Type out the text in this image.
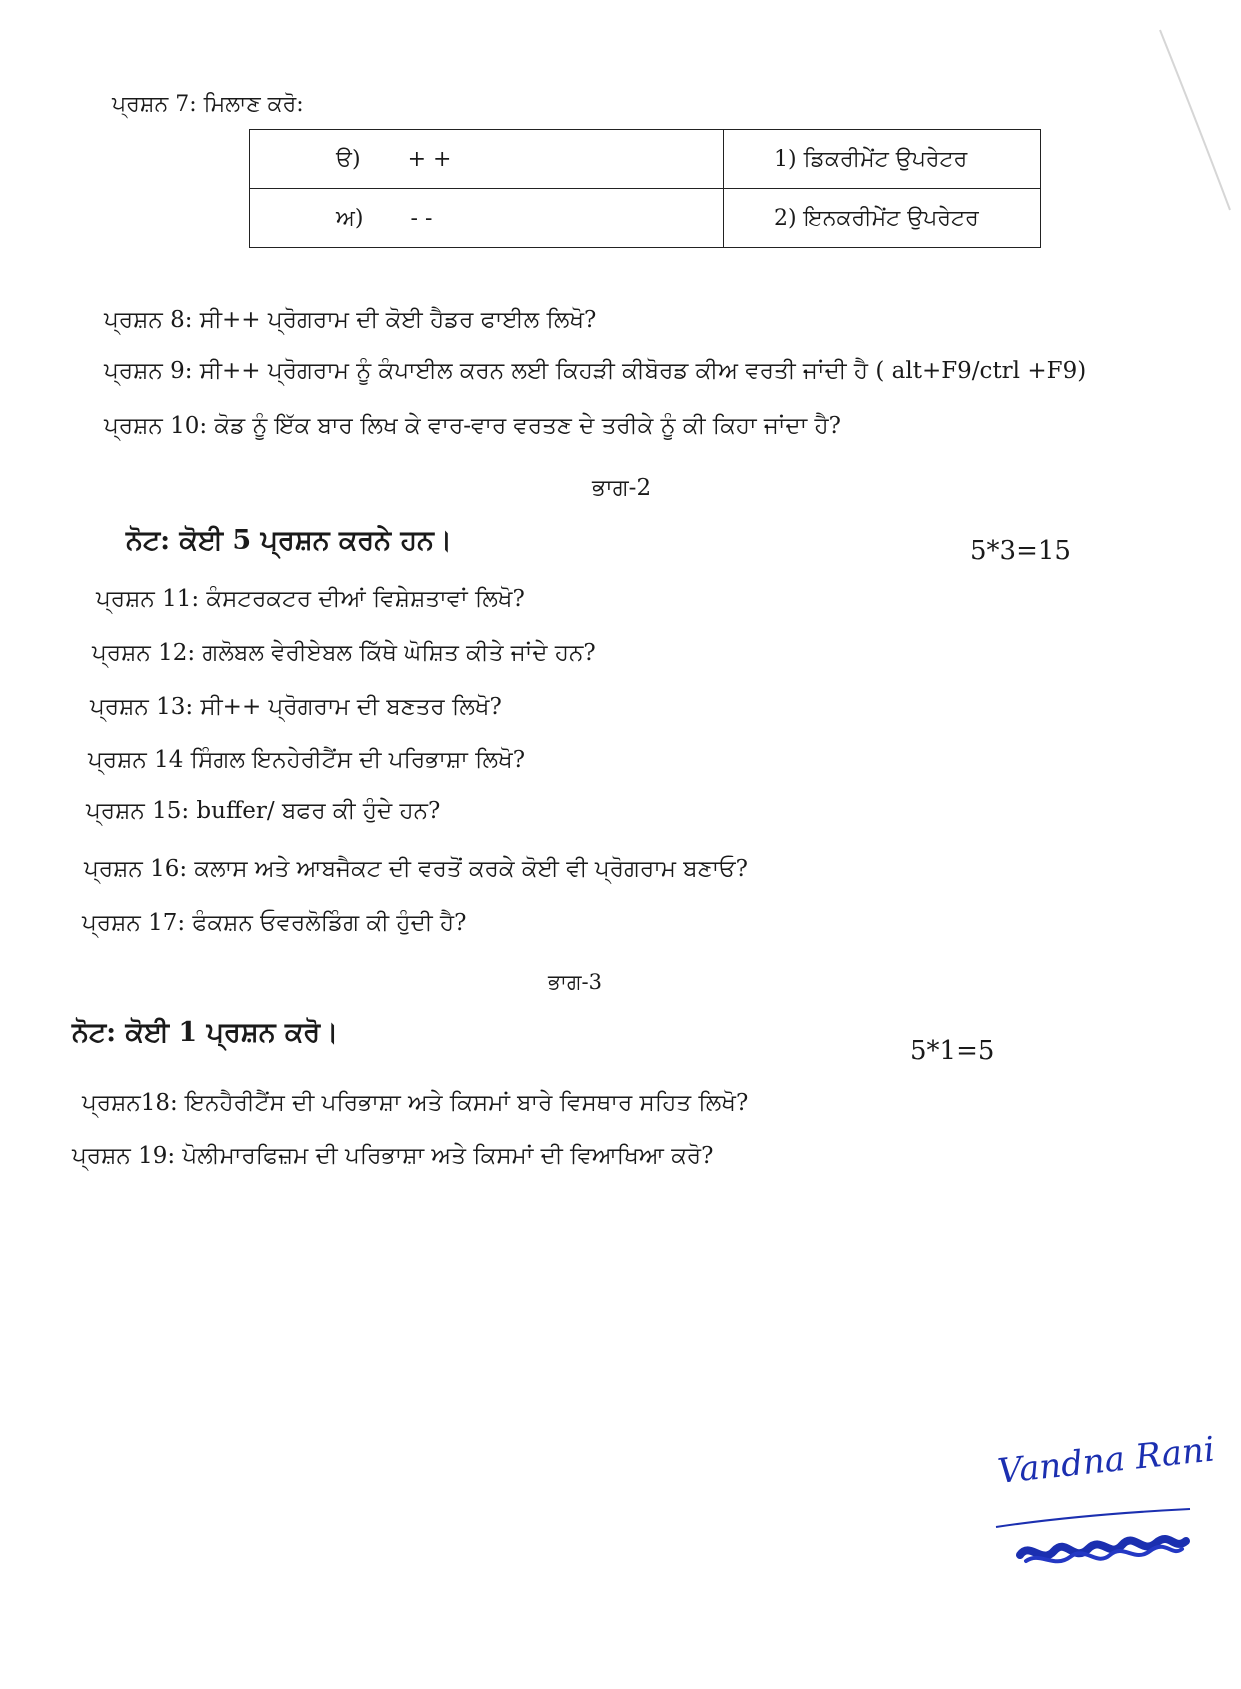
ਪ੍ਰਸ਼ਨ 7: ਮਿਲਾਣ ਕਰੋ:
ੳ) + +	1) ਡਿਕਰੀਮੇਂਟ ਉਪਰੇਟਰ
ਅ) - -	2) ਇਨਕਰੀਮੇਂਟ ਉਪਰੇਟਰ
ਪ੍ਰਸ਼ਨ 8: ਸੀ++ ਪ੍ਰੋਗਰਾਮ ਦੀ ਕੋਈ ਹੈਡਰ ਫਾਈਲ ਲਿਖੋ?
ਪ੍ਰਸ਼ਨ 9: ਸੀ++ ਪ੍ਰੋਗਰਾਮ ਨੂੰ ਕੰਪਾਈਲ ਕਰਨ ਲਈ ਕਿਹੜੀ ਕੀਬੋਰਡ ਕੀਅ ਵਰਤੀ ਜਾਂਦੀ ਹੈ ( alt+F9/ctrl +F9)
ਪ੍ਰਸ਼ਨ 10: ਕੋਡ ਨੂੰ ਇੱਕ ਬਾਰ ਲਿਖ ਕੇ ਵਾਰ-ਵਾਰ ਵਰਤਣ ਦੇ ਤਰੀਕੇ ਨੂੰ ਕੀ ਕਿਹਾ ਜਾਂਦਾ ਹੈ?
ਭਾਗ-2
ਨੋਟ: ਕੋਈ 5 ਪ੍ਰਸ਼ਨ ਕਰਨੇ ਹਨ।	5*3=15
ਪ੍ਰਸ਼ਨ 11: ਕੰਸਟਰਕਟਰ ਦੀਆਂ ਵਿਸ਼ੇਸ਼ਤਾਵਾਂ ਲਿਖੋ?
ਪ੍ਰਸ਼ਨ 12: ਗਲੋਬਲ ਵੇਰੀਏਬਲ ਕਿੱਥੇ ਘੋਸ਼ਿਤ ਕੀਤੇ ਜਾਂਦੇ ਹਨ?
ਪ੍ਰਸ਼ਨ 13: ਸੀ++ ਪ੍ਰੋਗਰਾਮ ਦੀ ਬਣਤਰ ਲਿਖੋ?
ਪ੍ਰਸ਼ਨ 14 ਸਿੰਗਲ ਇਨਹੇਰੀਟੈਂਸ ਦੀ ਪਰਿਭਾਸ਼ਾ ਲਿਖੋ?
ਪ੍ਰਸ਼ਨ 15: buffer/ ਬਫਰ ਕੀ ਹੁੰਦੇ ਹਨ?
ਪ੍ਰਸ਼ਨ 16: ਕਲਾਸ ਅਤੇ ਆਬਜੈਕਟ ਦੀ ਵਰਤੋਂ ਕਰਕੇ ਕੋਈ ਵੀ ਪ੍ਰੋਗਰਾਮ ਬਣਾਓ?
ਪ੍ਰਸ਼ਨ 17: ਫੰਕਸ਼ਨ ਓਵਰਲੋਡਿੰਗ ਕੀ ਹੁੰਦੀ ਹੈ?
ਭਾਗ-3
ਨੋਟ: ਕੋਈ 1 ਪ੍ਰਸ਼ਨ ਕਰੋ।
5*1=5
ਪ੍ਰਸ਼ਨ18: ਇਨਹੈਰੀਟੈਂਸ ਦੀ ਪਰਿਭਾਸ਼ਾ ਅਤੇ ਕਿਸਮਾਂ ਬਾਰੇ ਵਿਸਥਾਰ ਸਹਿਤ ਲਿਖੋ?
ਪ੍ਰਸ਼ਨ 19: ਪੋਲੀਮਾਰਫਿਜ਼ਮ ਦੀ ਪਰਿਭਾਸ਼ਾ ਅਤੇ ਕਿਸਮਾਂ ਦੀ ਵਿਆਖਿਆ ਕਰੋ?
Vandna Rani
